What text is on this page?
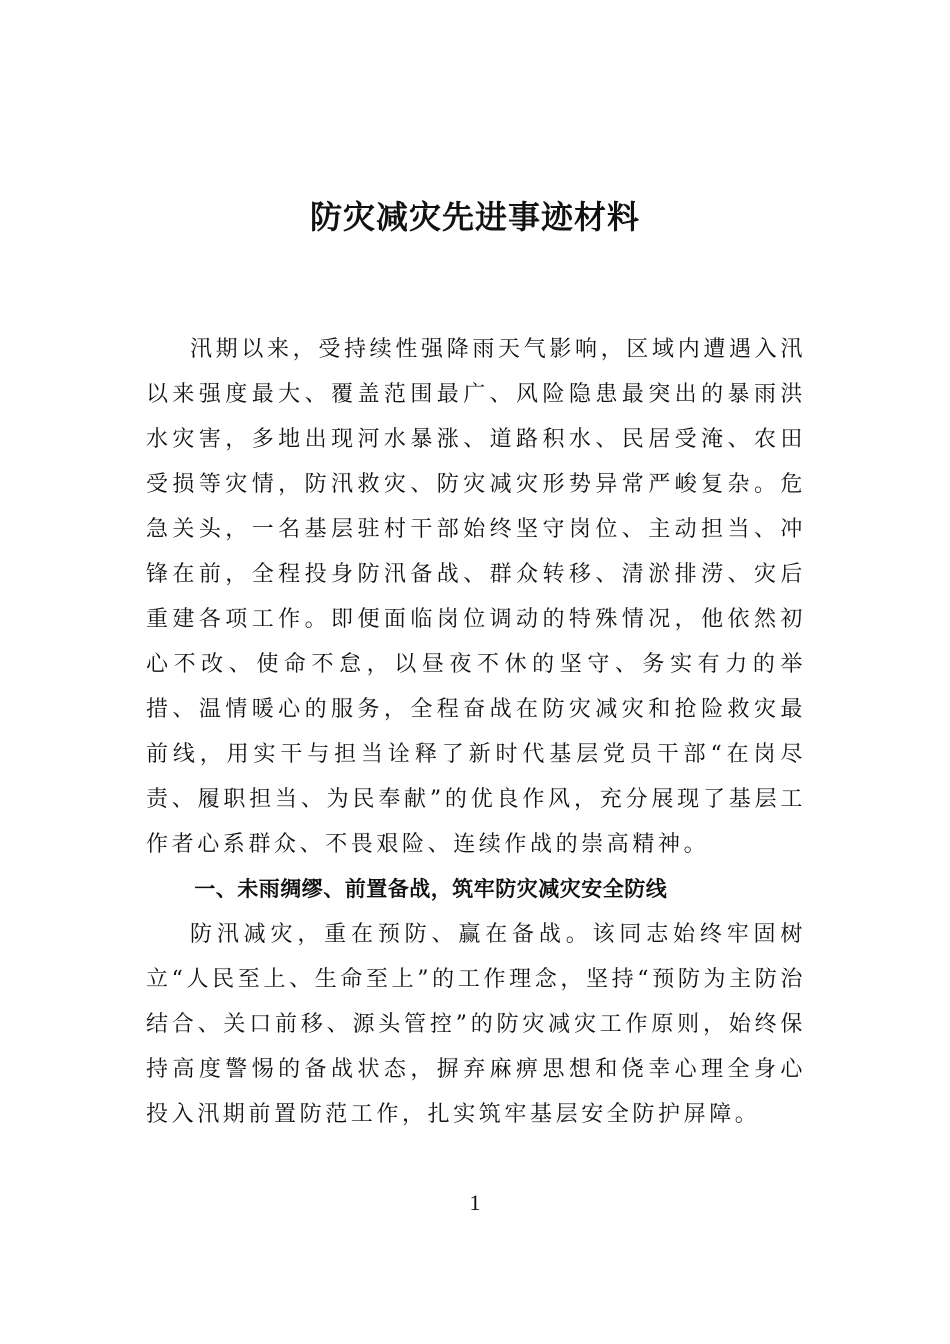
防灾减灾先进事迹材料

汛期以来，受持续性强降雨天气影响，区域内遭遇入汛以来强度最大、覆盖范围最广、风险隐患最突出的暴雨洪水灾害，多地出现河水暴涨、道路积水、民居受淹、农田受损等灾情，防汛救灾、防灾减灾形势异常严峻复杂。危急关头，一名基层驻村干部始终坚守岗位、主动担当、冲锋在前，全程投身防汛备战、群众转移、清淤排涝、灾后重建各项工作。即便面临岗位调动的特殊情况，他依然初心不改、使命不怠，以昼夜不休的坚守、务实有力的举措、温情暖心的服务，全程奋战在防灾减灾和抢险救灾最前线，用实干与担当诠释了新时代基层党员干部“在岗尽责、履职担当、为民奉献”的优良作风，充分展现了基层工作者心系群众、不畏艰险、连续作战的崇高精神。

一、未雨绸缪、前置备战，筑牢防灾减灾安全防线

防汛减灾，重在预防、赢在备战。该同志始终牢固树立“人民至上、生命至上”的工作理念，坚持“预防为主防治结合、关口前移、源头管控”的防灾减灾工作原则，始终保持高度警惕的备战状态，摒弃麻痹思想和侥幸心理全身心投入汛期前置防范工作，扎实筑牢基层安全防护屏障。

1
